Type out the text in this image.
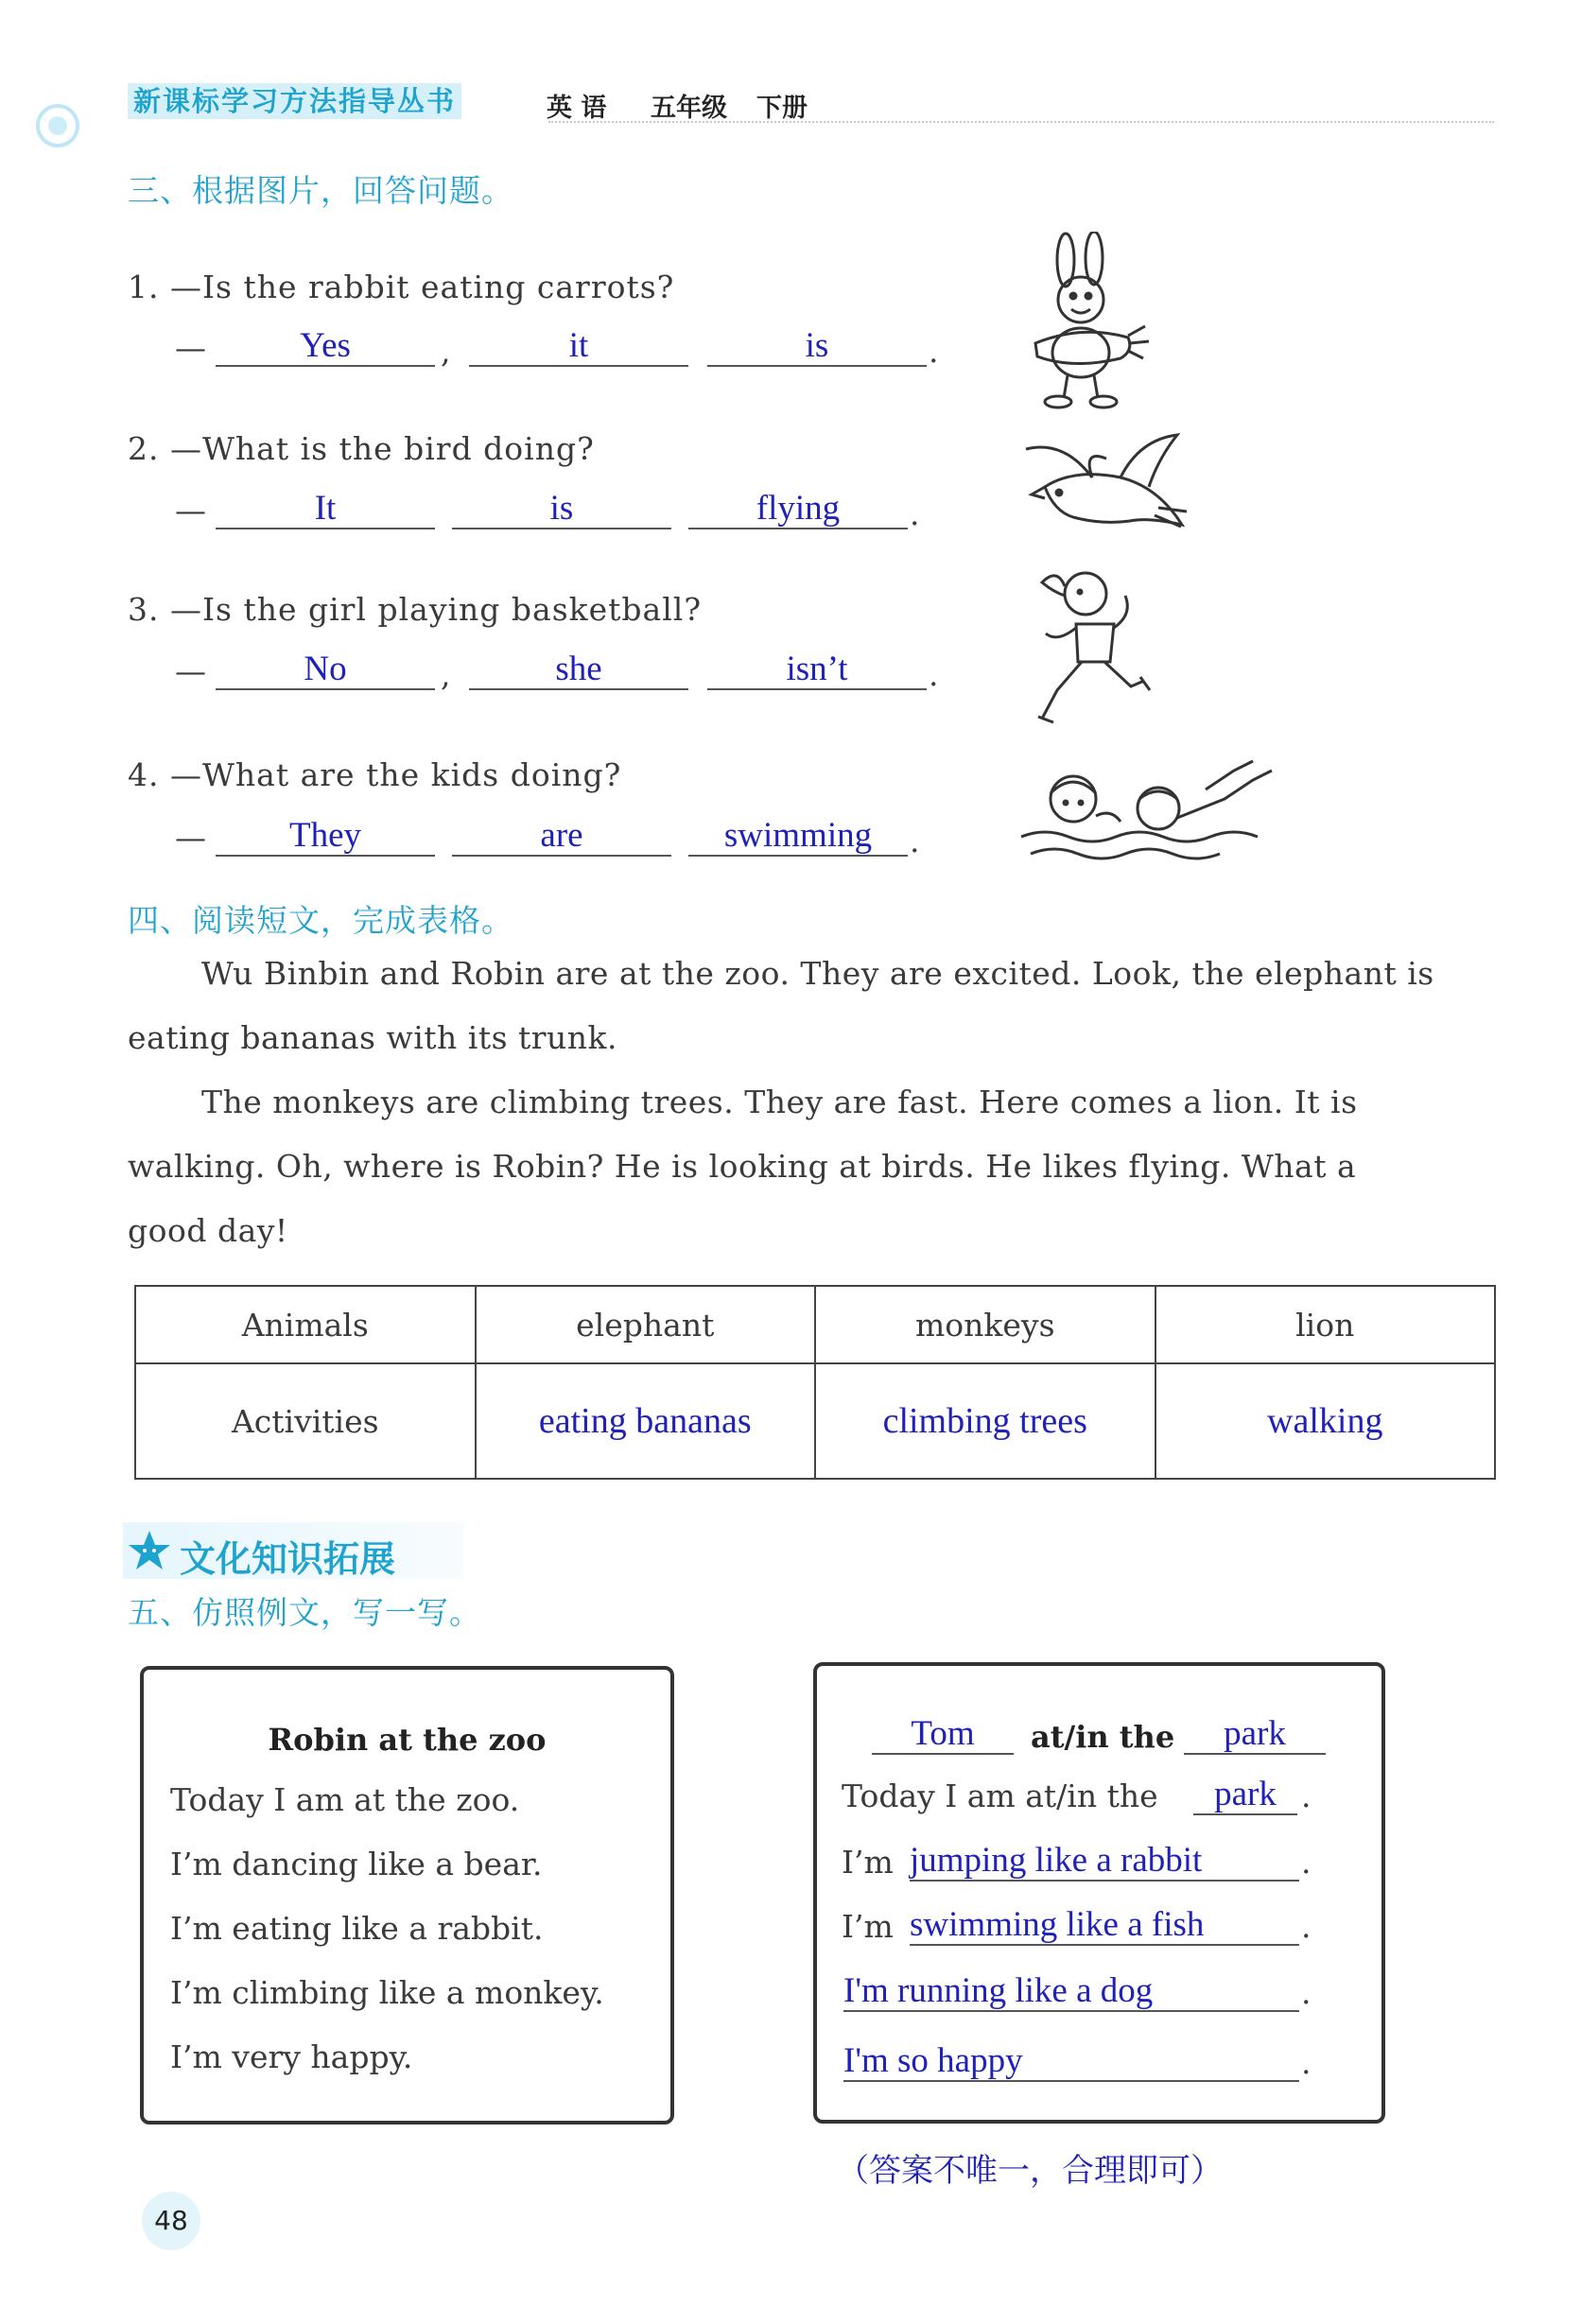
新课标学习方法指导丛书	英 语 五年级 下册
三、根据图片，回答问题。
1. —Is the rabbit eating carrots?
—	Yes	,	it	is	.
2. —What is the bird doing?
—	It	is	flying	.
3. —Is the girl playing basketball?
—	No	,	she	isn’t	.
4. —What are the kids doing?
—	They	are	swimming	.
四、阅读短文，完成表格。
Wu Binbin and Robin are at the zoo. They are excited. Look, the elephant is
eating bananas with its trunk.
The monkeys are climbing trees. They are fast. Here comes a lion. It is
walking. Oh, where is Robin? He is looking at birds. He likes flying. What a
good day!
Animals	elephant	monkeys	lion
Activities	eating bananas	climbing trees	walking
文化知识拓展
五、仿照例文，写一写。
Robin at the zoo
Today I am at the zoo.
I’m dancing like a bear.
I’m eating like a rabbit.
I’m climbing like a monkey.
I’m very happy.
Tom	at/in the	park
Today I am at/in the	park .
I’m jumping like a rabbit	.
I’m swimming like a fish	.
I'm running like a dog	.
I'm so happy	.
（答案不唯一，合理即可）
48
